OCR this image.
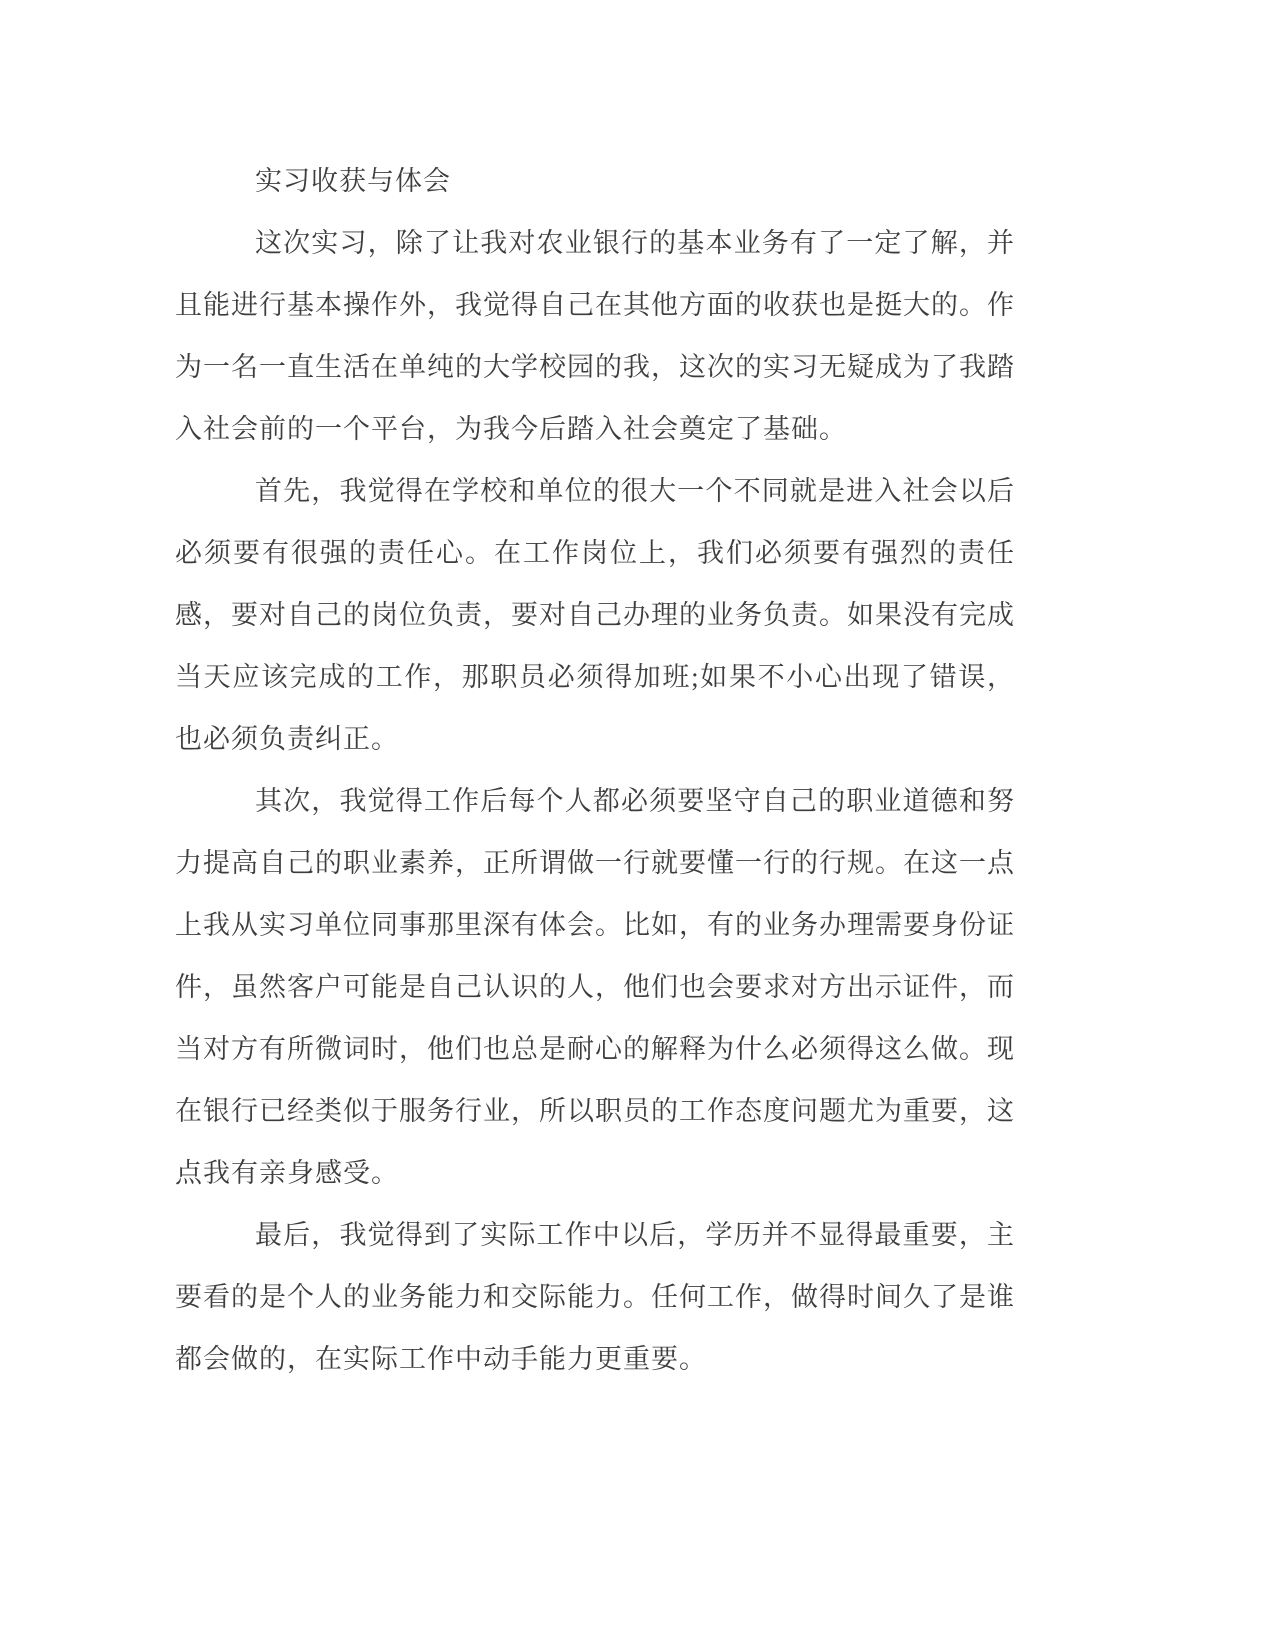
实习收获与体会

这次实习，除了让我对农业银行的基本业务有了一定了解，并且能进行基本操作外，我觉得自己在其他方面的收获也是挺大的。作为一名一直生活在单纯的大学校园的我，这次的实习无疑成为了我踏入社会前的一个平台，为我今后踏入社会奠定了基础。

首先，我觉得在学校和单位的很大一个不同就是进入社会以后必须要有很强的责任心。在工作岗位上，我们必须要有强烈的责任感，要对自己的岗位负责，要对自己办理的业务负责。如果没有完成当天应该完成的工作，那职员必须得加班;如果不小心出现了错误，也必须负责纠正。

其次，我觉得工作后每个人都必须要坚守自己的职业道德和努力提高自己的职业素养，正所谓做一行就要懂一行的行规。在这一点上我从实习单位同事那里深有体会。比如，有的业务办理需要身份证件，虽然客户可能是自己认识的人，他们也会要求对方出示证件，而当对方有所微词时，他们也总是耐心的解释为什么必须得这么做。现在银行已经类似于服务行业，所以职员的工作态度问题尤为重要，这点我有亲身感受。

最后，我觉得到了实际工作中以后，学历并不显得最重要，主要看的是个人的业务能力和交际能力。任何工作，做得时间久了是谁都会做的，在实际工作中动手能力更重要。
